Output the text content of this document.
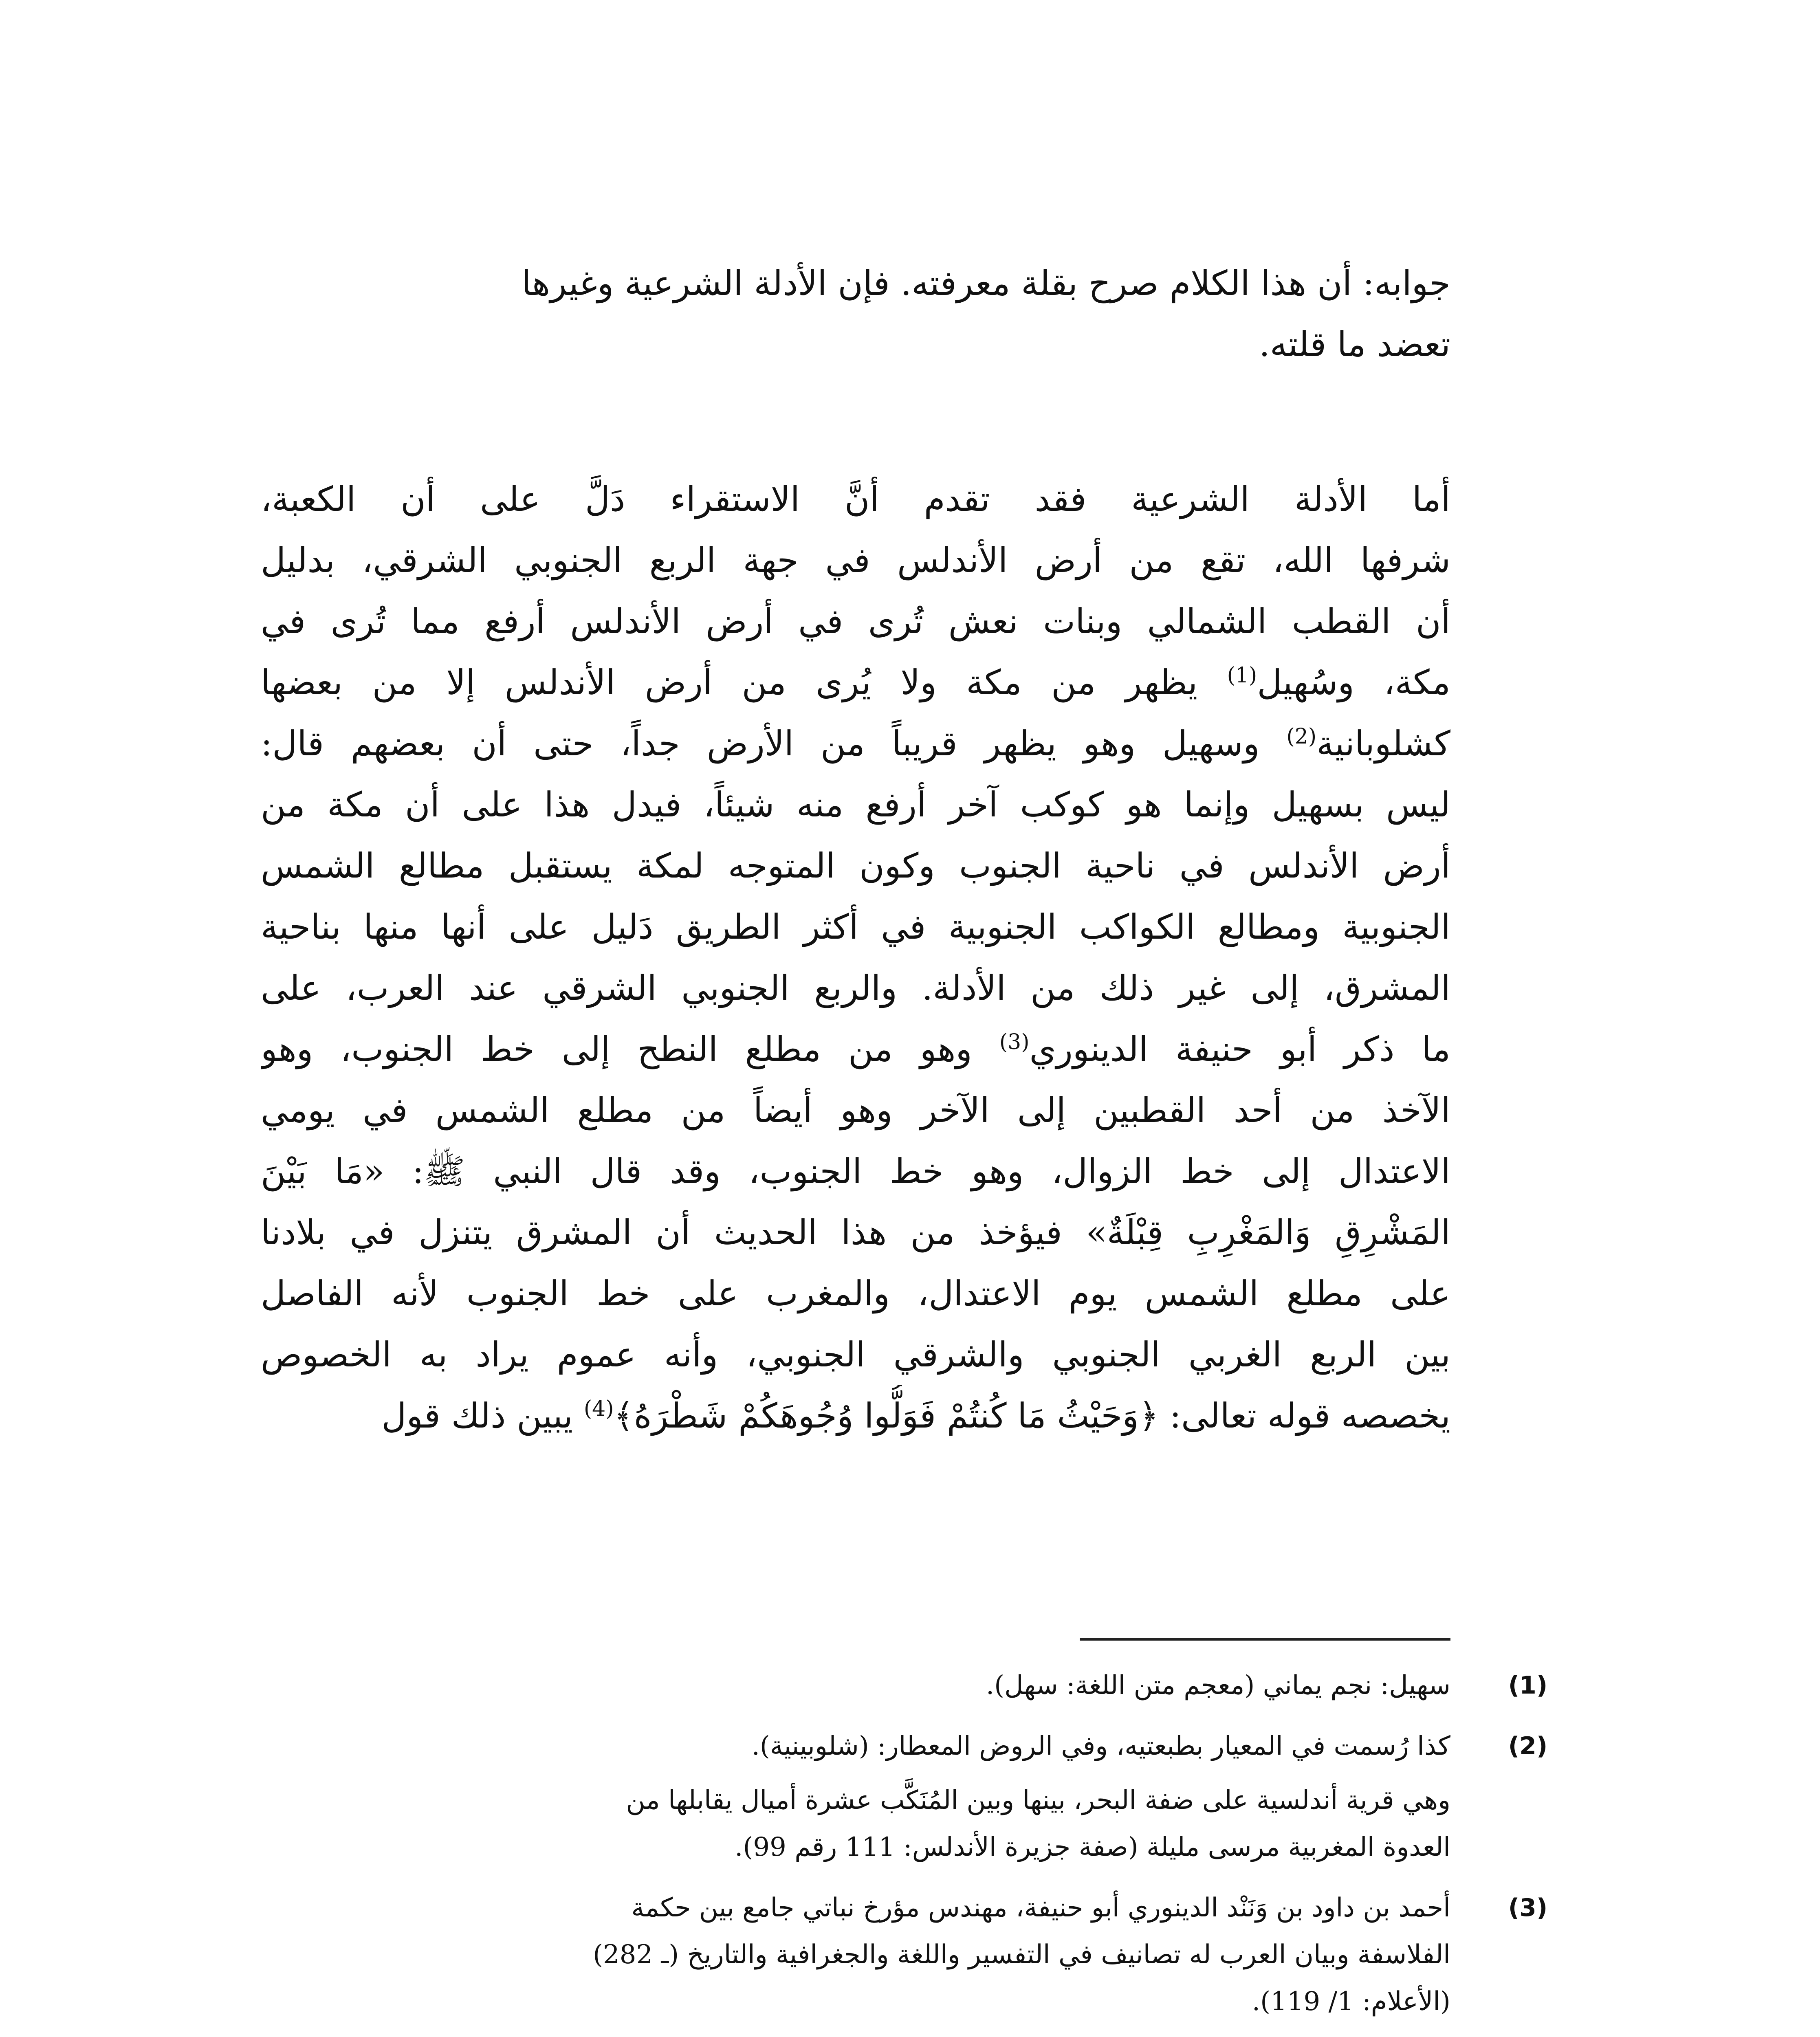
جوابه: أن هذا الكلام صرح بقلة معرفته. فإن الأدلة الشرعية وغيرها
تعضد ما قلته.
أما الأدلة الشرعية فقد تقدم أنَّ الاستقراء دَلَّ على أن الكعبة،
شرفها الله، تقع من أرض الأندلس في جهة الربع الجنوبي الشرقي، بدليل
أن القطب الشمالي وبنات نعش تُرى في أرض الأندلس أرفع مما تُرى في
مكة، وسُهيل$^{(1)}$ يظهر من مكة ولا يُرى من أرض الأندلس إلا من بعضها
كشلوبانية$^{(2)}$ وسهيل وهو يظهر قريباً من الأرض جداً، حتى أن بعضهم قال:
ليس بسهيل وإنما هو كوكب آخر أرفع منه شيئاً، فيدل هذا على أن مكة من
أرض الأندلس في ناحية الجنوب وكون المتوجه لمكة يستقبل مطالع الشمس
الجنوبية ومطالع الكواكب الجنوبية في أكثر الطريق دَليل على أنها منها بناحية
المشرق، إلى غير ذلك من الأدلة. والربع الجنوبي الشرقي عند العرب، على
ما ذكر أبو حنيفة الدينوري$^{(3)}$ وهو من مطلع النطح إلى خط الجنوب، وهو
الآخذ من أحد القطبين إلى الآخر وهو أيضاً من مطلع الشمس في يومي
الاعتدال إلى خط الزوال، وهو خط الجنوب، وقد قال النبي ﷺ: «مَا بَيْنَ
المَشْرِقِ وَالمَغْرِبِ قِبْلَةٌ» فيؤخذ من هذا الحديث أن المشرق يتنزل في بلادنا
على مطلع الشمس يوم الاعتدال، والمغرب على خط الجنوب لأنه الفاصل
بين الربع الغربي الجنوبي والشرقي الجنوبي، وأنه عموم يراد به الخصوص
يخصصه قوله تعالى: ﴿وَحَيْثُ مَا كُنتُمْ فَوَلُّوا وُجُوهَكُمْ شَطْرَهُ﴾$^{(4)}$ يبين ذلك قول
(1)
سهيل: نجم يماني (معجم متن اللغة: سهل).
(2)
كذا رُسمت في المعيار بطبعتيه، وفي الروض المعطار: (شلوبينية).
وهي قرية أندلسية على ضفة البحر، بينها وبين المُنَكَّب عشرة أميال يقابلها من
العدوة المغربية مرسى مليلة (صفة جزيرة الأندلس: 111 رقم 99).
(3)
أحمد بن داود بن وَنَنْد الدينوري أبو حنيفة، مهندس مؤرخ نباتي جامع بين حكمة
الفلاسفة وبيان العرب له تصانيف في التفسير واللغة والجغرافية والتاريخ (ـ 282)
(الأعلام: 1/ 119).
